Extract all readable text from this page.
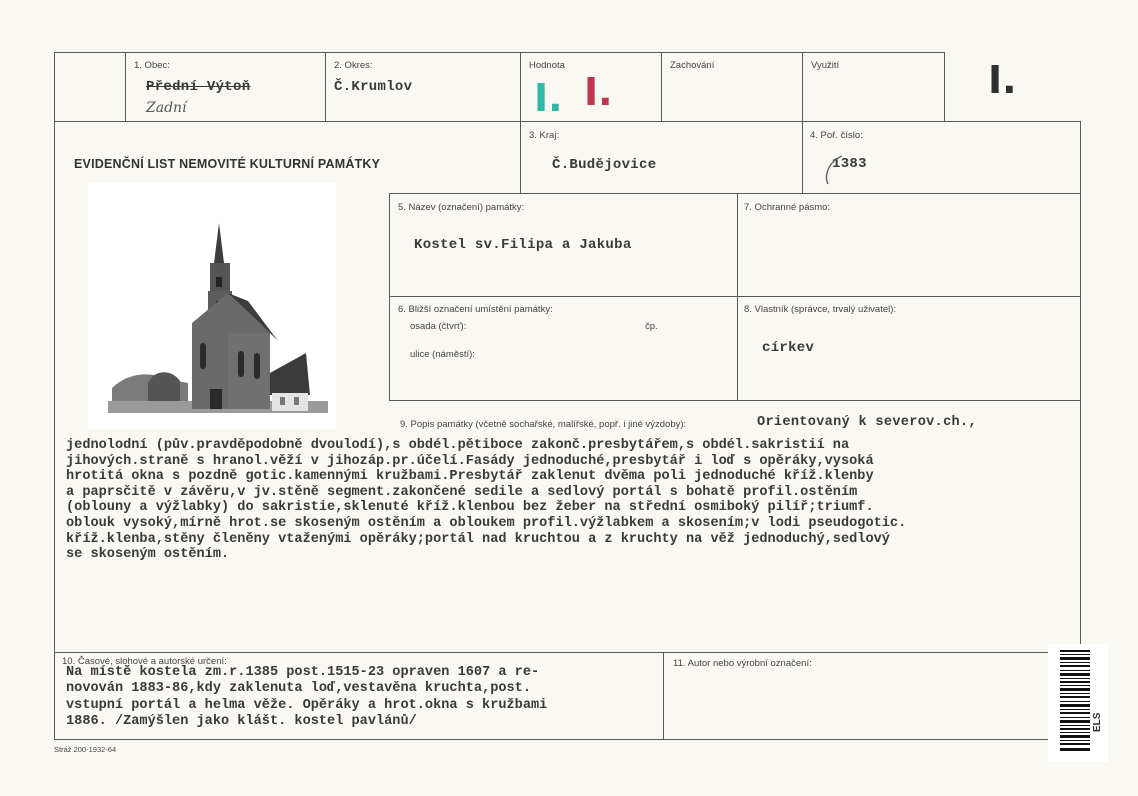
1. Obec:
Přední Výtoň
Zadní
2. Okres:
Č.Krumlov
Hodnota
I. I.
Zachování	Využití	I.
EVIDENČNÍ LIST NEMOVITÉ KULTURNÍ PAMÁTKY
3. Kraj:
Č.Budějovice
4. Poř. číslo:
1383
5. Název (označení) památky:
Kostel sv.Filipa a Jakuba
7. Ochranné pásmo:
6. Bližší označení umístění památky:
osada (čtvrť):	čp.
ulice (náměstí):
8. Vlastník (správce, trvalý uživatel):
církev
9. Popis památky (včetně sochařské, malířské, popř. i jiné výzdoby):	Orientovaný k severov.ch.,
jednolodní (pův.pravděpodobně dvoulodí),s obdél.pětiboce zakonč.presbytářem,s obdél.sakristií na
jihových.straně s hranol.věží v jihozáp.pr.účelí.Fasády jednoduché,presbytář i loď s opěráky,vysoká
hrotitá okna s pozdně gotic.kamennými kružbami.Presbytář zaklenut dvěma poli jednoduché kříž.klenby
a paprsčitě v závěru,v jv.stěně segment.zakončené sedile a sedlový portál s bohatě profil.ostěním
(oblouny a výžlabky) do sakristie,sklenuté kříž.klenbou bez žeber na střední osmiboký pilíř;triumf.
oblouk vysoký,mírně hrot.se skoseným ostěním a obloukem profil.výžlabkem a skosením;v lodi pseudogotic.
kříž.klenba,stěny členěny vtaženými opěráky;portál nad kruchtou a z kruchty na věž jednoduchý,sedlový
se skoseným ostěním.
10. Časové, slohové a autorské určení:
Na místě kostela zm.r.1385 post.1515-23 opraven 1607 a re-
novován 1883-86,kdy zaklenuta loď,vestavěna kruchta,post.
vstupní portál a helma věže. Opěráky a hrot.okna s kružbami
1886. /Zamýšlen jako klášt. kostel pavlánů/
11. Autor nebo výrobní označení:
Stráž 200-1932-64
ELS
